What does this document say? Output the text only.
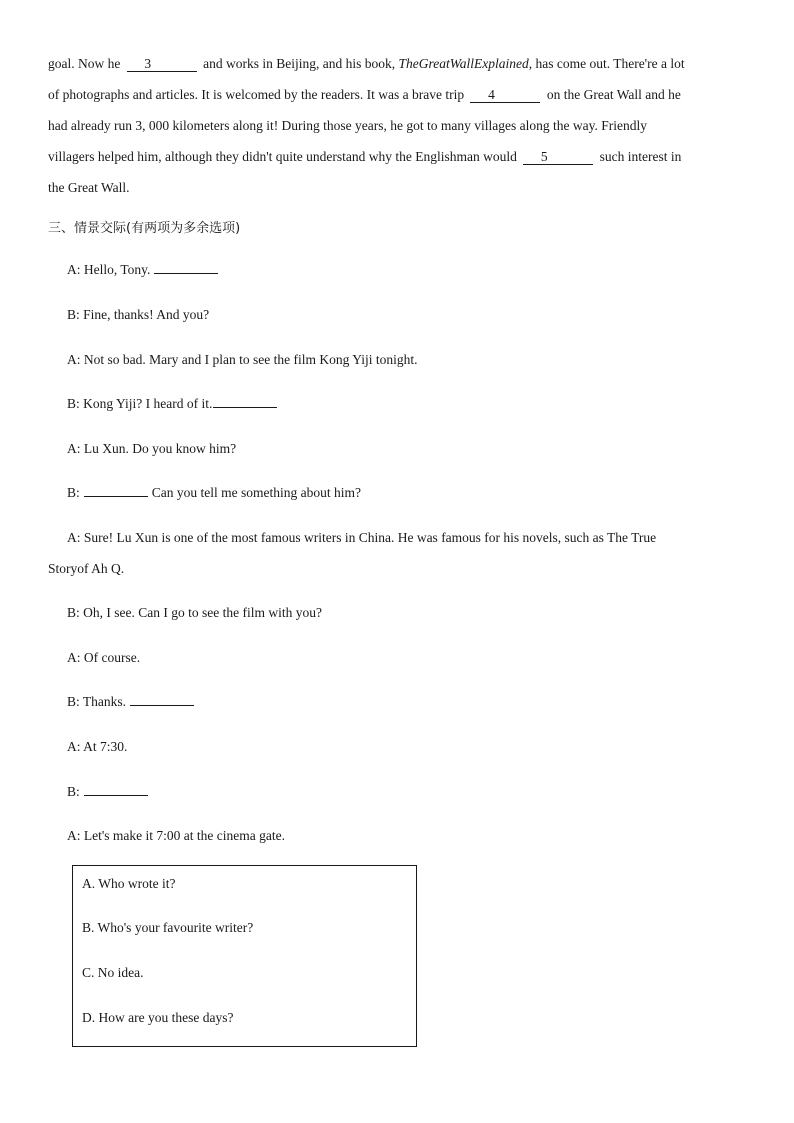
goal. Now he 3	and works in Beijing, and his book, TheGreatWallExplained, has come out. There're a lot
of photographs and articles. It is welcomed by the readers. It was a brave trip 4	on the Great Wall and he
had already run 3, 000 kilometers along it! During those years, he got to many villages along the way. Friendly
villagers helped him, although they didn't quite understand why the Englishman would 5	such interest in
the Great Wall.
三、情景交际(有两项为多余选项)
A: Hello, Tony.
B: Fine, thanks! And you?
A: Not so bad. Mary and I plan to see the film Kong Yiji tonight.
B: Kong Yiji? I heard of it.
A: Lu Xun. Do you know him?
B:	Can you tell me something about him?
A: Sure! Lu Xun is one of the most famous writers in China. He was famous for his novels, such as The True
Storyof Ah Q.
B: Oh, I see. Can I go to see the film with you?
A: Of course.
B: Thanks.
A: At 7:30.
B:
A: Let's make it 7:00 at the cinema gate.
A. Who wrote it?
B. Who's your favourite writer?
C. No idea.
D. How are you these days?
